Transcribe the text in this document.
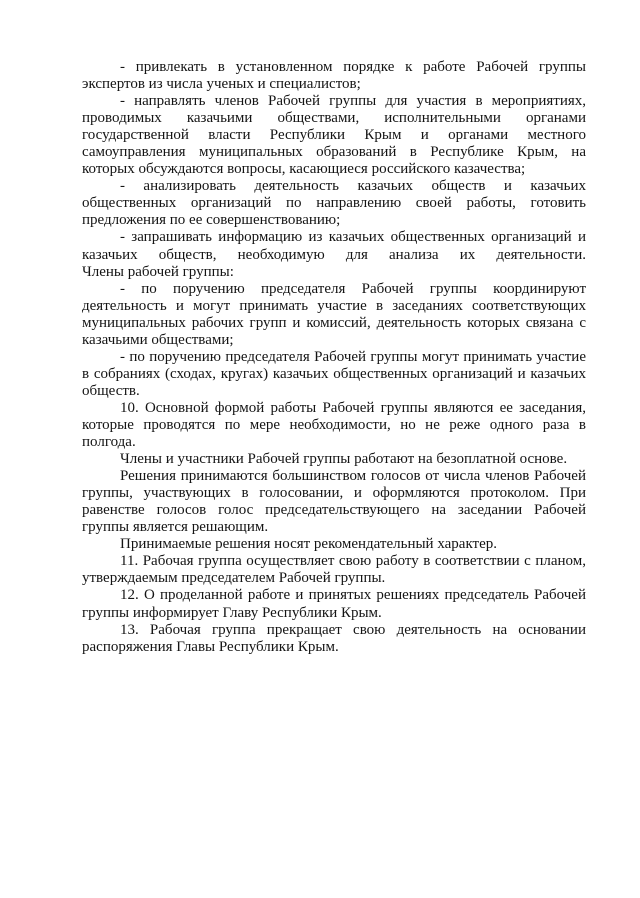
- привлекать в установленном порядке к работе Рабочей группы
экспертов из числа ученых и специалистов;
- направлять членов Рабочей группы для участия в мероприятиях,
проводимых казачьими обществами, исполнительными органами
государственной власти Республики Крым и органами местного
самоуправления муниципальных образований в Республике Крым, на
которых обсуждаются вопросы, касающиеся российского казачества;
- анализировать деятельность казачьих обществ и казачьих
общественных организаций по направлению своей работы, готовить
предложения по ее совершенствованию;
- запрашивать информацию из казачьих общественных организаций и
казачьих обществ, необходимую для анализа их деятельности.
Члены рабочей группы:
- по поручению председателя Рабочей группы координируют
деятельность и могут принимать участие в заседаниях соответствующих
муниципальных рабочих групп и комиссий, деятельность которых связана с
казачьими обществами;
- по поручению председателя Рабочей группы могут принимать участие
в собраниях (сходах, кругах) казачьих общественных организаций и казачьих
обществ.
10. Основной формой работы Рабочей группы являются ее заседания,
которые проводятся по мере необходимости, но не реже одного раза в
полгода.
Члены и участники Рабочей группы работают на безоплатной основе.
Решения принимаются большинством голосов от числа членов Рабочей
группы, участвующих в голосовании, и оформляются протоколом. При
равенстве голосов голос председательствующего на заседании Рабочей
группы является решающим.
Принимаемые решения носят рекомендательный характер.
11. Рабочая группа осуществляет свою работу в соответствии с планом,
утверждаемым председателем Рабочей группы.
12. О проделанной работе и принятых решениях председатель Рабочей
группы информирует Главу Республики Крым.
13. Рабочая группа прекращает свою деятельность на основании
распоряжения Главы Республики Крым.
